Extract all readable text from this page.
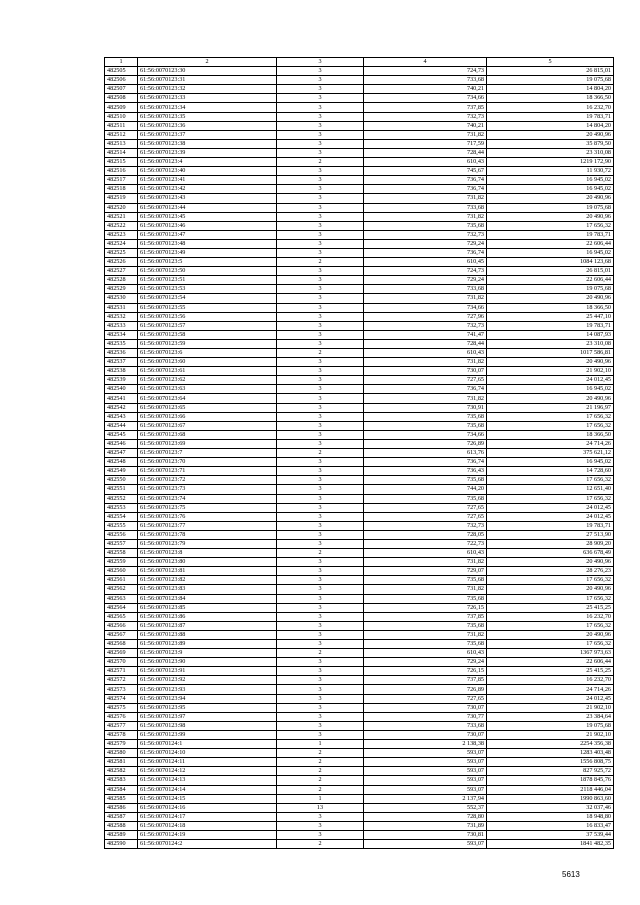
1	2	3	4	5
482505	61:56:0070123:30	3	724,73	26 815,01
482506	61:56:0070123:31	3	733,68	19 075,68
482507	61:56:0070123:32	3	740,21	14 804,20
482508	61:56:0070123:33	3	734,66	18 366,50
482509	61:56:0070123:34	3	737,85	16 232,70
482510	61:56:0070123:35	3	732,73	19 783,71
482511	61:56:0070123:36	3	740,21	14 804,20
482512	61:56:0070123:37	3	731,82	20 490,96
482513	61:56:0070123:38	3	717,59	35 879,50
482514	61:56:0070123:39	3	728,44	23 310,08
482515	61:56:0070123:4	2	610,43	1219 172,90
482516	61:56:0070123:40	3	745,67	11 930,72
482517	61:56:0070123:41	3	736,74	16 945,02
482518	61:56:0070123:42	3	736,74	16 945,02
482519	61:56:0070123:43	3	731,82	20 490,96
482520	61:56:0070123:44	3	733,68	19 075,68
482521	61:56:0070123:45	3	731,82	20 490,96
482522	61:56:0070123:46	3	735,68	17 656,32
482523	61:56:0070123:47	3	732,73	19 783,71
482524	61:56:0070123:48	3	729,24	22 606,44
482525	61:56:0070123:49	3	736,74	16 945,02
482526	61:56:0070123:5	2	610,45	1084 123,68
482527	61:56:0070123:50	3	724,73	26 815,01
482528	61:56:0070123:51	3	729,24	22 606,44
482529	61:56:0070123:53	3	733,68	19 075,68
482530	61:56:0070123:54	3	731,82	20 490,96
482531	61:56:0070123:55	3	734,66	18 366,50
482532	61:56:0070123:56	3	727,96	25 447,10
482533	61:56:0070123:57	3	732,73	19 783,71
482534	61:56:0070123:58	3	741,47	14 087,93
482535	61:56:0070123:59	3	728,44	23 310,08
482536	61:56:0070123:6	2	610,43	1017 586,81
482537	61:56:0070123:60	3	731,82	20 490,96
482538	61:56:0070123:61	3	730,07	21 902,10
482539	61:56:0070123:62	3	727,65	24 012,45
482540	61:56:0070123:63	3	736,74	16 945,02
482541	61:56:0070123:64	3	731,82	20 490,96
482542	61:56:0070123:65	3	730,91	21 196,97
482543	61:56:0070123:66	3	735,68	17 656,32
482544	61:56:0070123:67	3	735,68	17 656,32
482545	61:56:0070123:68	3	734,66	18 366,50
482546	61:56:0070123:69	3	726,89	24 714,26
482547	61:56:0070123:7	2	613,76	375 621,12
482548	61:56:0070123:70	3	736,74	16 945,02
482549	61:56:0070123:71	3	736,43	14 728,60
482550	61:56:0070123:72	3	735,68	17 656,32
482551	61:56:0070123:73	3	744,20	12 651,40
482552	61:56:0070123:74	3	735,68	17 656,32
482553	61:56:0070123:75	3	727,65	24 012,45
482554	61:56:0070123:76	3	727,65	24 012,45
482555	61:56:0070123:77	3	732,73	19 783,71
482556	61:56:0070123:78	3	728,05	27 513,90
482557	61:56:0070123:79	3	722,73	28 909,20
482558	61:56:0070123:8	2	610,43	636 678,49
482559	61:56:0070123:80	3	731,82	20 490,96
482560	61:56:0070123:81	3	729,07	28 276,23
482561	61:56:0070123:82	3	735,68	17 656,32
482562	61:56:0070123:83	3	731,82	20 490,96
482563	61:56:0070123:84	3	735,68	17 656,32
482564	61:56:0070123:85	3	726,15	25 415,25
482565	61:56:0070123:86	3	737,85	16 232,70
482566	61:56:0070123:87	3	735,68	17 656,32
482567	61:56:0070123:88	3	731,82	20 490,96
482568	61:56:0070123:89	3	735,68	17 656,32
482569	61:56:0070123:9	2	610,43	1367 973,63
482570	61:56:0070123:90	3	729,24	22 606,44
482571	61:56:0070123:91	3	726,15	25 415,25
482572	61:56:0070123:92	3	737,85	16 232,70
482573	61:56:0070123:93	3	726,89	24 714,26
482574	61:56:0070123:94	3	727,65	24 012,45
482575	61:56:0070123:95	3	730,07	21 902,10
482576	61:56:0070123:97	3	730,77	23 384,64
482577	61:56:0070123:98	3	733,68	19 075,68
482578	61:56:0070123:99	3	730,07	21 902,10
482579	61:56:0070124:1	1	2 138,38	2254 356,38
482580	61:56:0070124:10	2	593,07	1283 403,48
482581	61:56:0070124:11	2	593,07	1556 808,75
482582	61:56:0070124:12	2	593,07	827 925,72
482583	61:56:0070124:13	2	593,07	1878 845,76
482584	61:56:0070124:14	2	593,07	2118 446,04
482585	61:56:0070124:15	1	2 137,94	1990 863,60
482586	61:56:0070124:16	13	552,37	32 037,46
482587	61:56:0070124:17	3	728,80	18 948,80
482588	61:56:0070124:18	3	731,89	16 833,47
482589	61:56:0070124:19	3	730,81	37 539,44
482590	61:56:0070124:2	2	593,07	1841 482,35
5613
